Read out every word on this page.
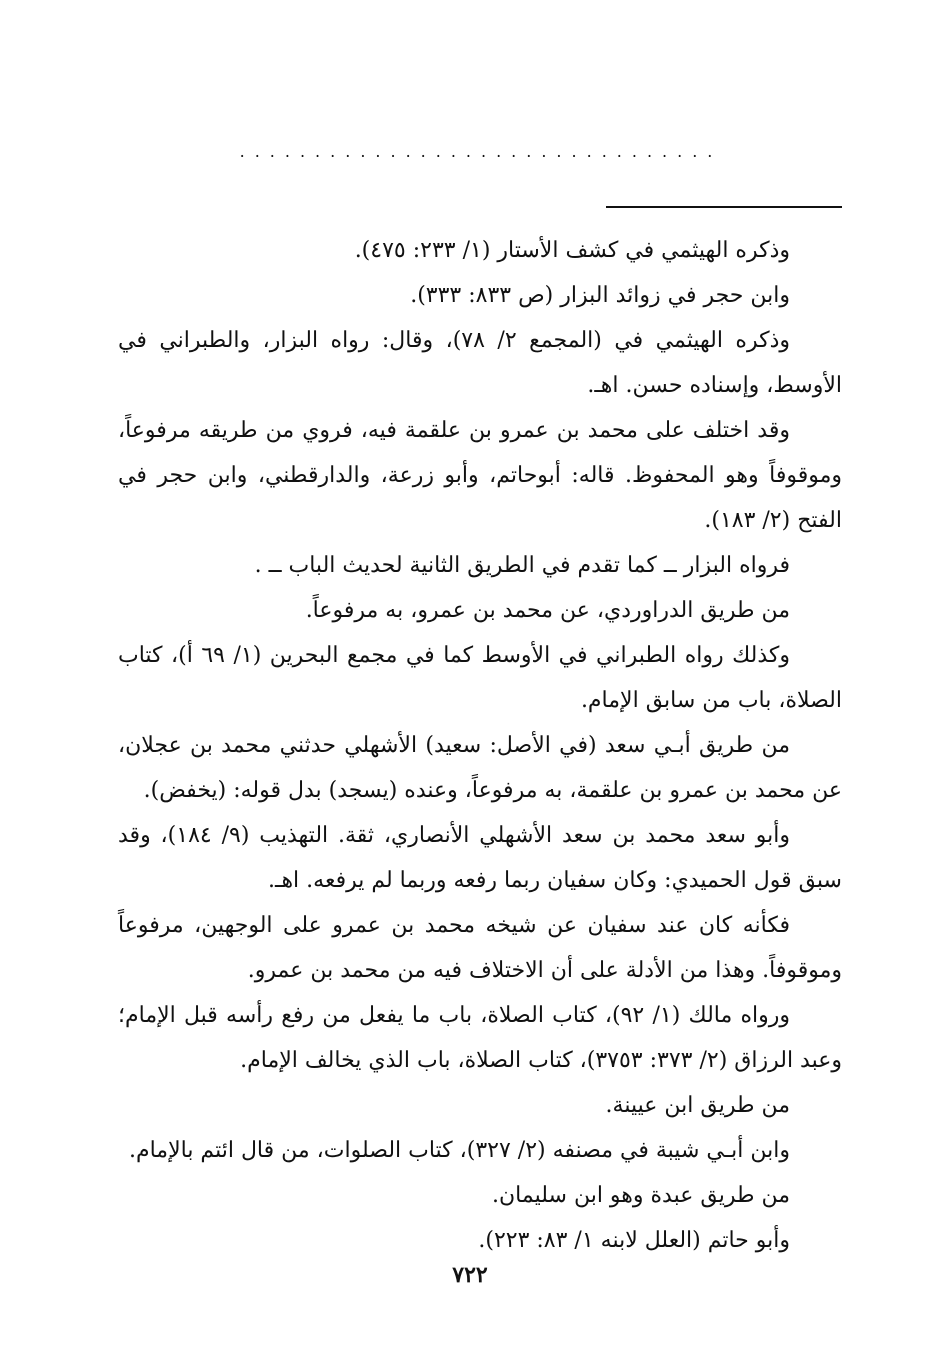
................................

وذكره الهيثمي في كشف الأستار (١/ ٢٣٣: ٤٧٥).

وابن حجر في زوائد البزار (ص ٨٣٣: ٣٣٣).

وذكره الهيثمي في (المجمع ٢/ ٧٨)، وقال: رواه البزار، والطبراني في الأوسط، وإسناده حسن. اهـ.

وقد اختلف على محمد بن عمرو بن علقمة فيه، فروي من طريقه مرفوعاً، وموقوفاً وهو المحفوظ. قاله: أبوحاتم، وأبو زرعة، والدارقطني، وابن حجر في الفتح (٢/ ١٨٣).

فرواه البزار ــ كما تقدم في الطريق الثانية لحديث الباب ــ .

من طريق الدراوردي، عن محمد بن عمرو، به مرفوعاً.

وكذلك رواه الطبراني في الأوسط كما في مجمع البحرين (١/ ٦٩ أ)، كتاب الصلاة، باب من سابق الإمام.

من طريق أبـي سعد (في الأصل: سعيد) الأشهلي حدثني محمد بن عجلان، عن محمد بن عمرو بن علقمة، به مرفوعاً، وعنده (يسجد) بدل قوله: (يخفض).

وأبو سعد محمد بن سعد الأشهلي الأنصاري، ثقة. التهذيب (٩/ ١٨٤)، وقد سبق قول الحميدي: وكان سفيان ربما رفعه وربما لم يرفعه. اهـ.

فكأنه كان عند سفيان عن شيخه محمد بن عمرو على الوجهين، مرفوعاً وموقوفاً. وهذا من الأدلة على أن الاختلاف فيه من محمد بن عمرو.

ورواه مالك (١/ ٩٢)، كتاب الصلاة، باب ما يفعل من رفع رأسه قبل الإمام؛ وعبد الرزاق (٢/ ٣٧٣: ٣٧٥٣)، كتاب الصلاة، باب الذي يخالف الإمام.

من طريق ابن عيينة.

وابن أبـي شيبة في مصنفه (٢/ ٣٢٧)، كتاب الصلوات، من قال ائتم بالإمام.

من طريق عبدة وهو ابن سليمان.

وأبو حاتم (العلل لابنه ١/ ٨٣: ٢٢٣).

٧٢٢
